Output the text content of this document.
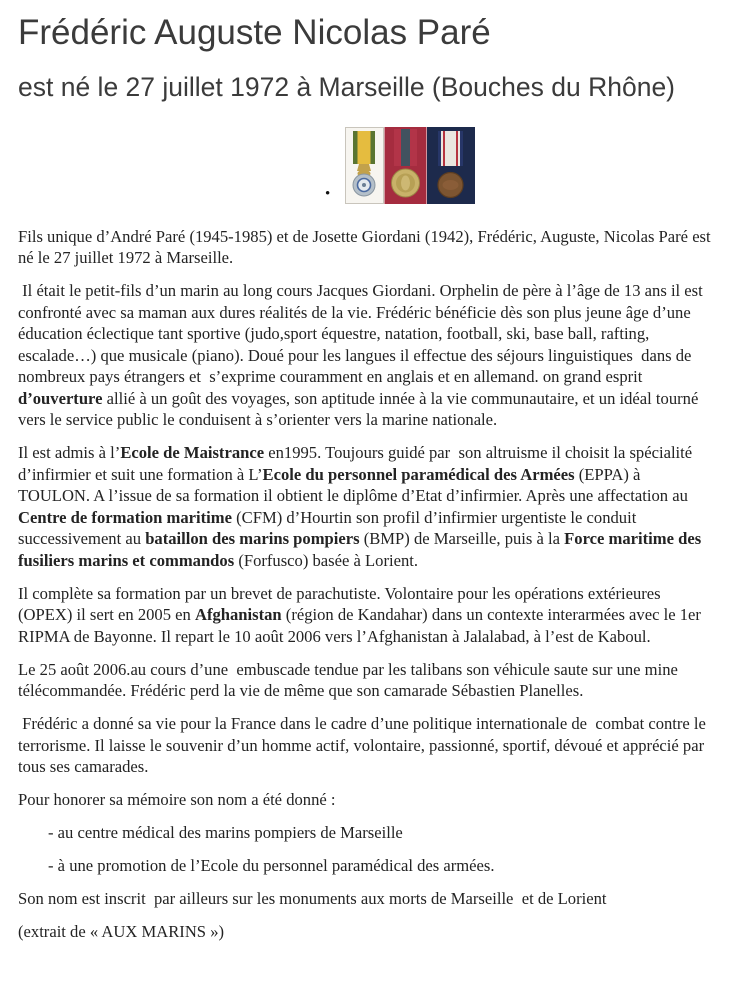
Frédéric Auguste Nicolas Paré
est né le 27 juillet 1972 à Marseille (Bouches du Rhône)
•

Fils unique d’André Paré (1945-1985) et de Josette Giordani (1942), Frédéric, Auguste, Nicolas Paré est né le 27 juillet 1972 à Marseille.

Il était le petit-fils d’un marin au long cours Jacques Giordani. Orphelin de père à l’âge de 13 ans il est confronté avec sa maman aux dures réalités de la vie. Frédéric bénéficie dès son plus jeune âge d’une éducation éclectique tant sportive (judo,sport équestre, natation, football, ski, base ball, rafting, escalade…) que musicale (piano). Doué pour les langues il effectue des séjours linguistiques  dans de nombreux pays étrangers et  s’exprime couramment en anglais et en allemand. on grand esprit d’ouverture allié à un goût des voyages, son aptitude innée à la vie communautaire, et un idéal tourné vers le service public le conduisent à s’orienter vers la marine nationale.

Il est admis à l’Ecole de Maistrance en1995. Toujours guidé par  son altruisme il choisit la spécialité d’infirmier et suit une formation à L’Ecole du personnel paramédical des Armées (EPPA) à TOULON. A l’issue de sa formation il obtient le diplôme d’Etat d’infirmier. Après une affectation au Centre de formation maritime (CFM) d’Hourtin son profil d’infirmier urgentiste le conduit successivement au bataillon des marins pompiers (BMP) de Marseille, puis à la Force maritime des fusiliers marins et commandos (Forfusco) basée à Lorient.

Il complète sa formation par un brevet de parachutiste. Volontaire pour les opérations extérieures (OPEX) il sert en 2005 en Afghanistan (région de Kandahar) dans un contexte interarmées avec le 1er RIPMA de Bayonne. Il repart le 10 août 2006 vers l’Afghanistan à Jalalabad, à l’est de Kaboul.

Le 25 août 2006.au cours d’une  embuscade tendue par les talibans son véhicule saute sur une mine télécommandée. Frédéric perd la vie de même que son camarade Sébastien Planelles.

Frédéric a donné sa vie pour la France dans le cadre d’une politique internationale de  combat contre le terrorisme. Il laisse le souvenir d’un homme actif, volontaire, passionné, sportif, dévoué et apprécié par tous ses camarades.

Pour honorer sa mémoire son nom a été donné :

- au centre médical des marins pompiers de Marseille

- à une promotion de l’Ecole du personnel paramédical des armées.

Son nom est inscrit  par ailleurs sur les monuments aux morts de Marseille  et de Lorient

(extrait de « AUX MARINS »)
